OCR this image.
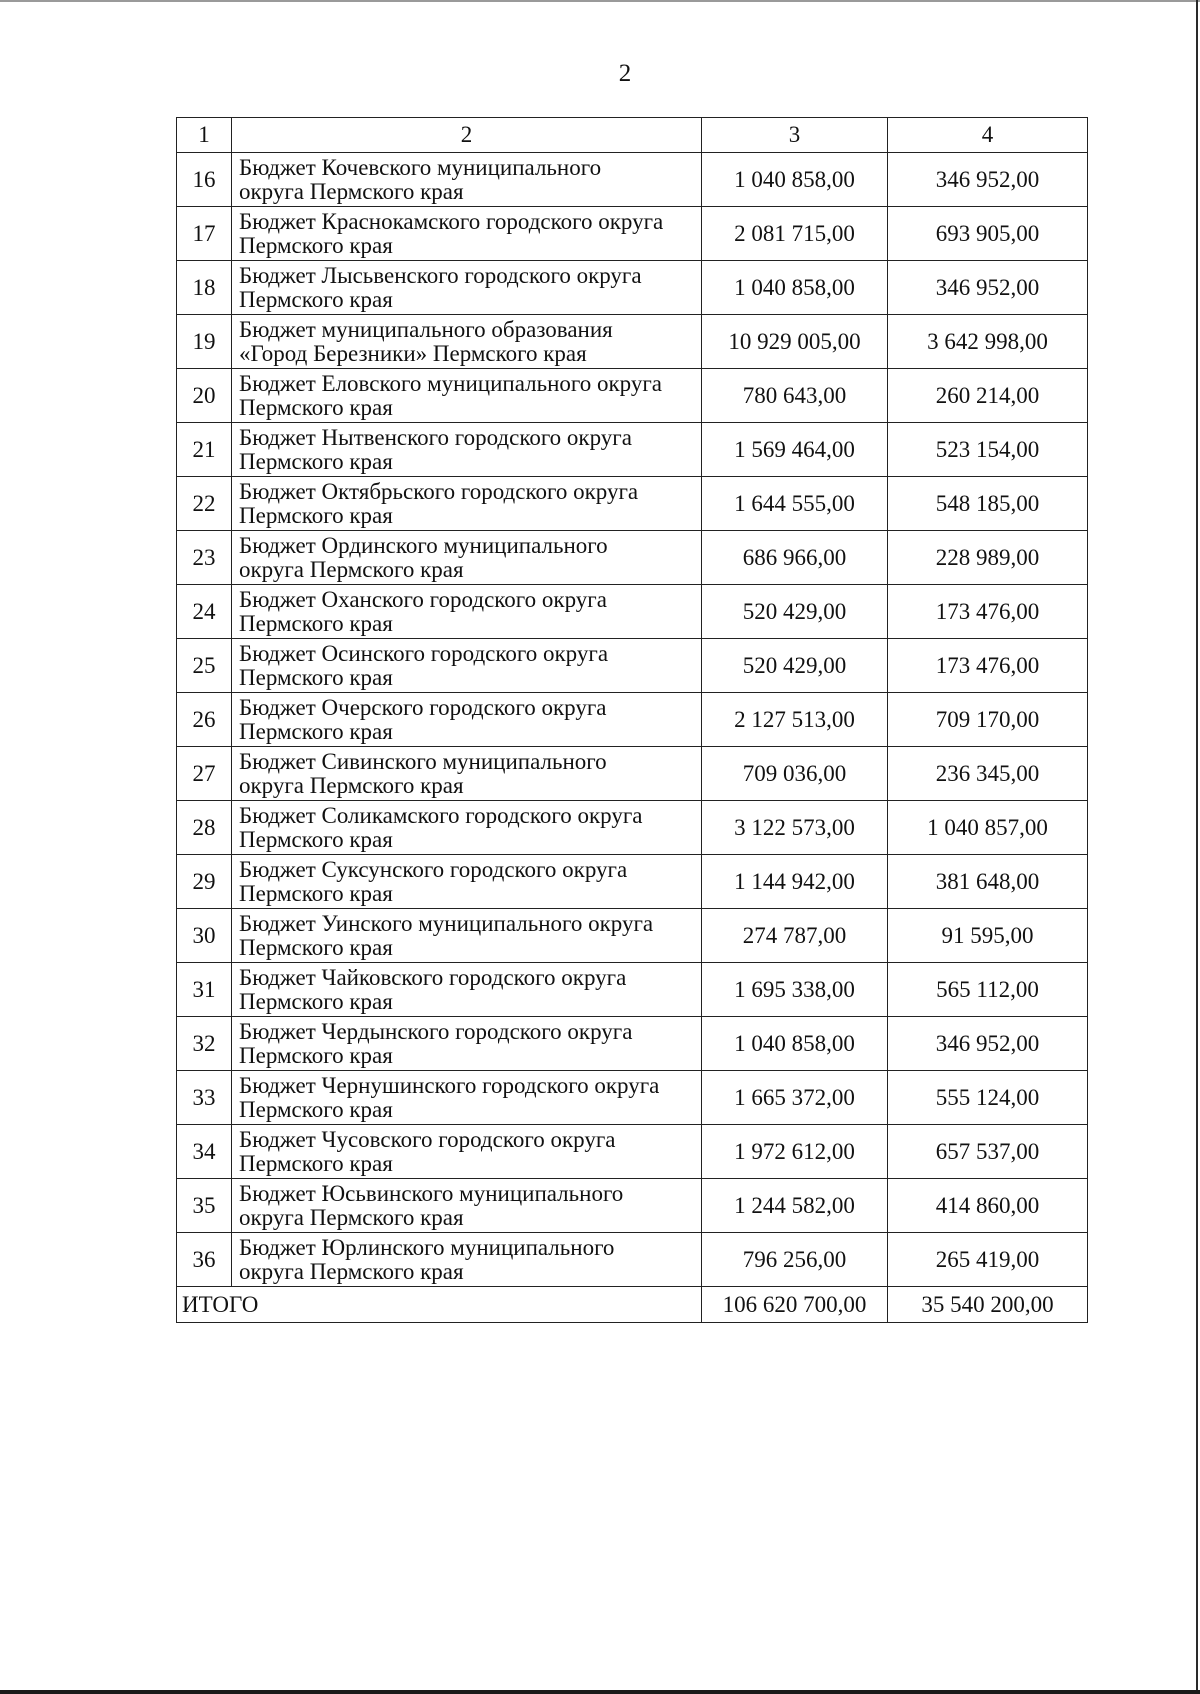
2
1	2	3	4
16	Бюджет Кочевского муниципального
округа Пермского края	1 040 858,00	346 952,00
17	Бюджет Краснокамского городского округа
Пермского края	2 081 715,00	693 905,00
18	Бюджет Лысьвенского городского округа
Пермского края	1 040 858,00	346 952,00
19	Бюджет муниципального образования
«Город Березники» Пермского края	10 929 005,00	3 642 998,00
20	Бюджет Еловского муниципального округа
Пермского края	780 643,00	260 214,00
21	Бюджет Нытвенского городского округа
Пермского края	1 569 464,00	523 154,00
22	Бюджет Октябрьского городского округа
Пермского края	1 644 555,00	548 185,00
23	Бюджет Ординского муниципального
округа Пермского края	686 966,00	228 989,00
24	Бюджет Оханского городского округа
Пермского края	520 429,00	173 476,00
25	Бюджет Осинского городского округа
Пермского края	520 429,00	173 476,00
26	Бюджет Очерского городского округа
Пермского края	2 127 513,00	709 170,00
27	Бюджет Сивинского муниципального
округа Пермского края	709 036,00	236 345,00
28	Бюджет Соликамского городского округа
Пермского края	3 122 573,00	1 040 857,00
29	Бюджет Суксунского городского округа
Пермского края	1 144 942,00	381 648,00
30	Бюджет Уинского муниципального округа
Пермского края	274 787,00	91 595,00
31	Бюджет Чайковского городского округа
Пермского края	1 695 338,00	565 112,00
32	Бюджет Чердынского городского округа
Пермского края	1 040 858,00	346 952,00
33	Бюджет Чернушинского городского округа
Пермского края	1 665 372,00	555 124,00
34	Бюджет Чусовского городского округа
Пермского края	1 972 612,00	657 537,00
35	Бюджет Юсьвинского муниципального
округа Пермского края	1 244 582,00	414 860,00
36	Бюджет Юрлинского муниципального
округа Пермского края	796 256,00	265 419,00
ИТОГО		106 620 700,00	35 540 200,00
